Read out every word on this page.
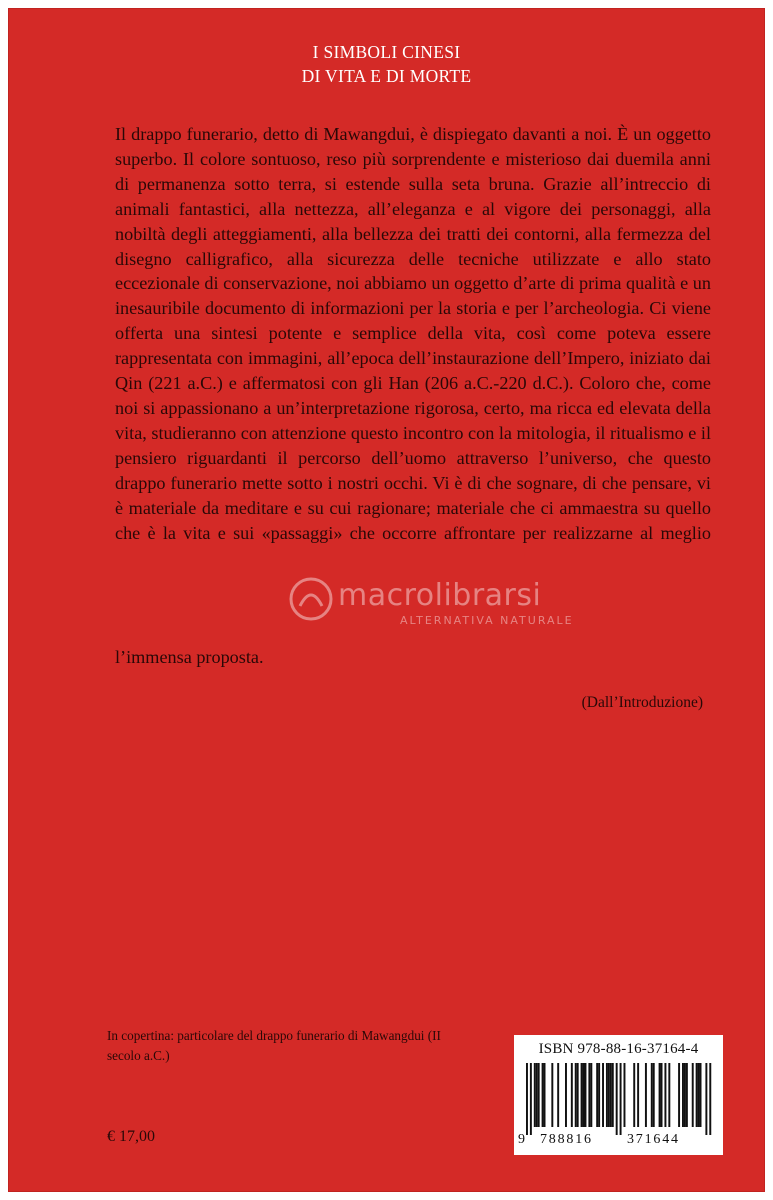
I SIMBOLI CINESI
DI VITA E DI MORTE

Il drappo funerario, detto di Mawangdui, è dispiegato davanti a noi. È un oggetto superbo. Il colore sontuoso, reso più sorprendente e misterioso dai duemila anni di permanenza sotto terra, si estende sulla seta bruna. Grazie all’intreccio di animali fantastici, alla nettezza, all’eleganza e al vigore dei personaggi, alla nobiltà degli atteggiamenti, alla bellezza dei tratti dei contorni, alla fermezza del disegno calligrafico, alla sicurezza delle tecniche utilizzate e allo stato eccezionale di conservazione, noi abbiamo un oggetto d’arte di prima qualità e un inesauribile documento di informazioni per la storia e per l’archeologia. Ci viene offerta una sintesi potente e semplice della vita, così come poteva essere rappresentata con immagini, all’epoca dell’instaurazione dell’Impero, iniziato dai Qin (221 a.C.) e affermatosi con gli Han (206 a.C.-220 d.C.). Coloro che, come noi si appassionano a un’interpretazione rigorosa, certo, ma ricca ed elevata della vita, studieranno con attenzione questo incontro con la mitologia, il ritualismo e il pensiero riguardanti il percorso dell’uomo attraverso l’universo, che questo drappo funerario mette sotto i nostri occhi. Vi è di che sognare, di che pensare, vi è materiale da meditare e su cui ragionare; materiale che ci ammaestra su quello che è la vita e sui «passaggi» che occorre affrontare per realizzarne al meglio

l’immensa proposta.

(Dall’Introduzione)

macrolibrarsi
ALTERNATIVA NATURALE

In copertina: particolare del drappo funerario di Mawangdui (II secolo a.C.)

€ 17,00

ISBN 978-88-16-37164-4
9 788816 371644
